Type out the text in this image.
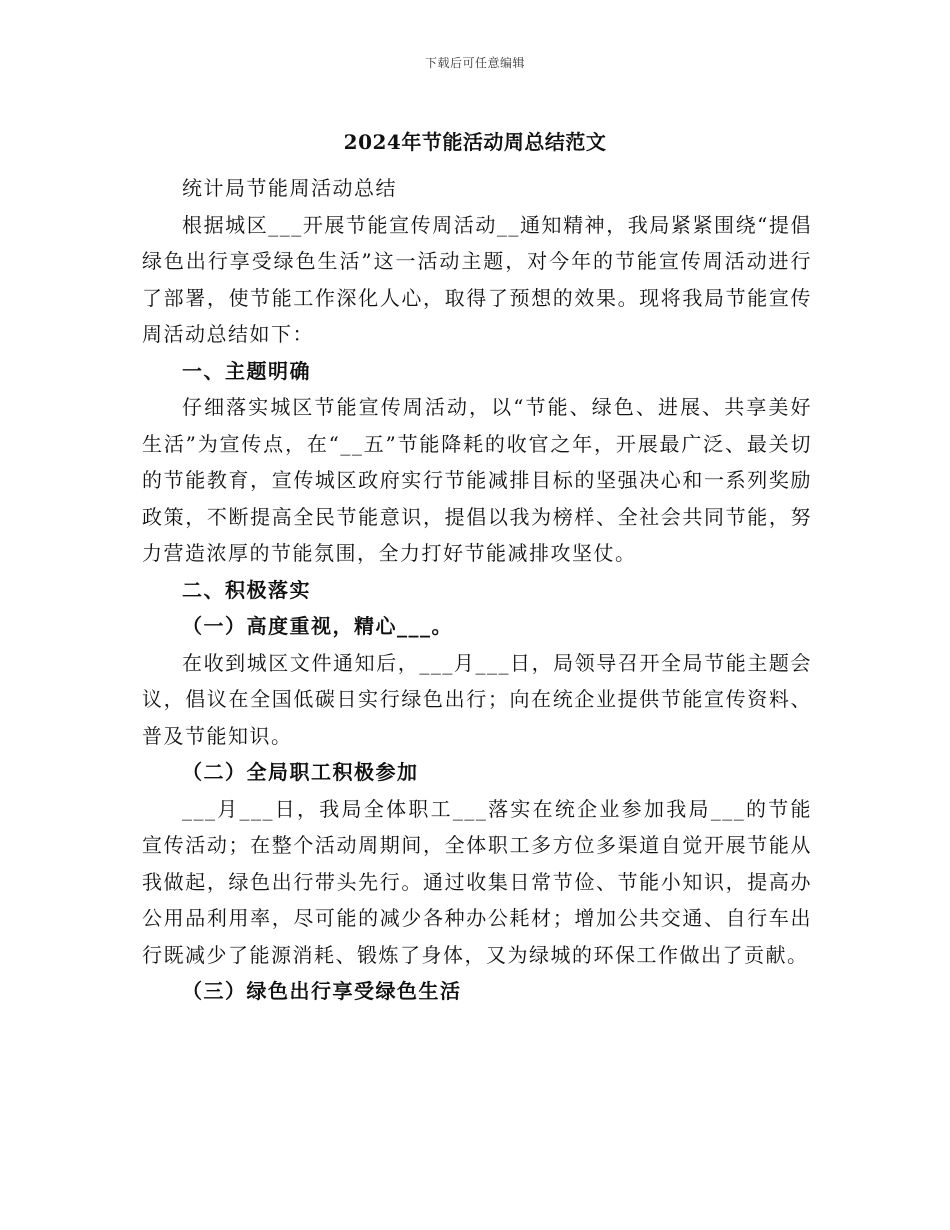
下载后可任意编辑
2024年节能活动周总结范文

统计局节能周活动总结

根据城区___开展节能宣传周活动__通知精神，我局紧紧围绕“提倡绿色出行享受绿色生活”这一活动主题，对今年的节能宣传周活动进行了部署，使节能工作深化人心，取得了预想的效果。现将我局节能宣传周活动总结如下：

一、主题明确

仔细落实城区节能宣传周活动，以“节能、绿色、进展、共享美好生活”为宣传点，在“__五”节能降耗的收官之年，开展最广泛、最关切的节能教育，宣传城区政府实行节能减排目标的坚强决心和一系列奖励政策，不断提高全民节能意识，提倡以我为榜样、全社会共同节能，努力营造浓厚的节能氛围，全力打好节能减排攻坚仗。

二、积极落实

（一）高度重视，精心___。

在收到城区文件通知后，___月___日，局领导召开全局节能主题会议，倡议在全国低碳日实行绿色出行；向在统企业提供节能宣传资料、普及节能知识。

（二）全局职工积极参加

___月___日，我局全体职工___落实在统企业参加我局___的节能宣传活动；在整个活动周期间，全体职工多方位多渠道自觉开展节能从我做起，绿色出行带头先行。通过收集日常节俭、节能小知识，提高办公用品利用率，尽可能的减少各种办公耗材；增加公共交通、自行车出行既减少了能源消耗、锻炼了身体，又为绿城的环保工作做出了贡献。

（三）绿色出行享受绿色生活
